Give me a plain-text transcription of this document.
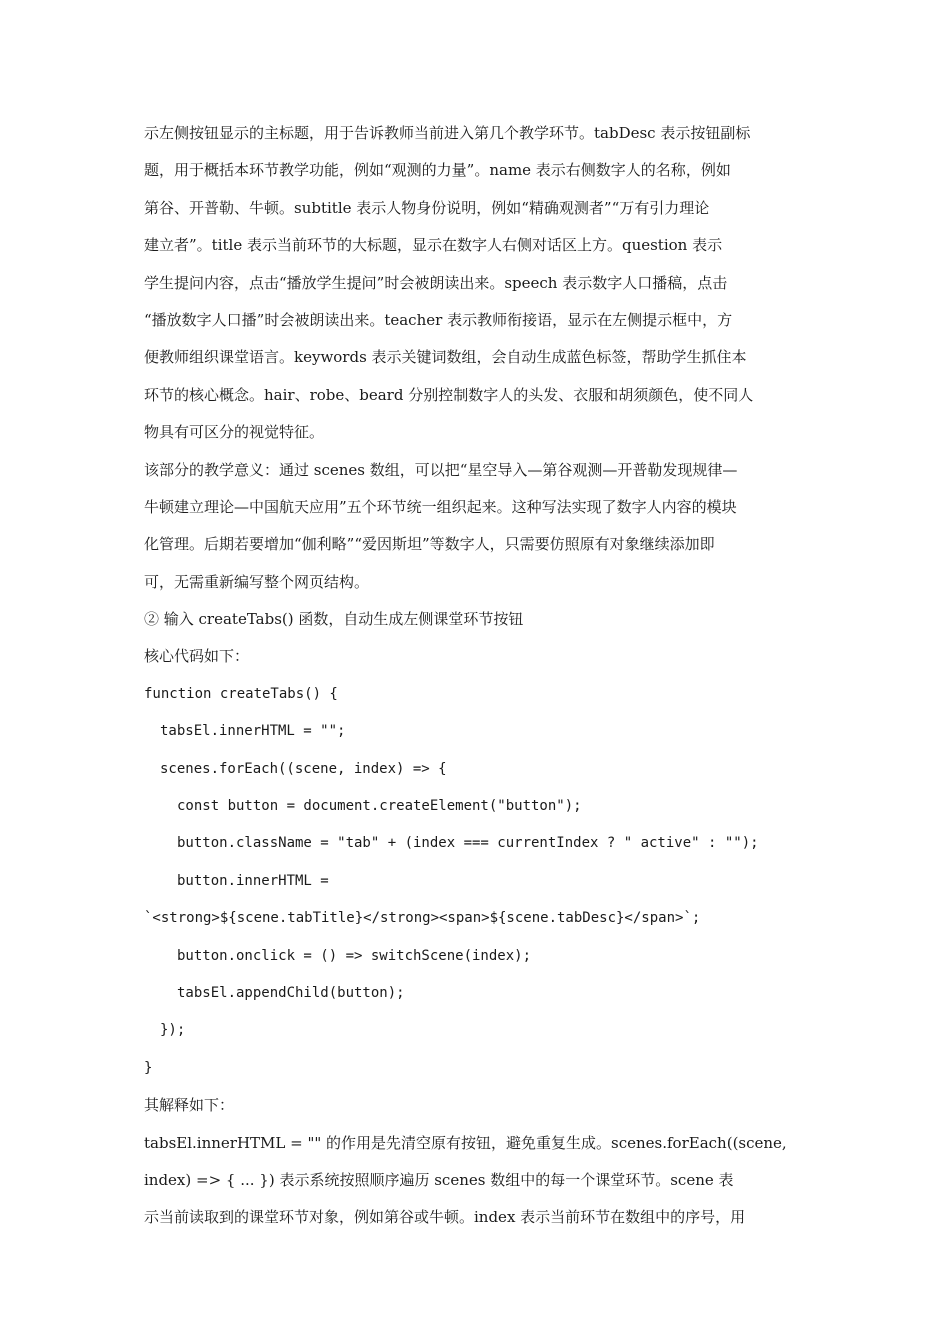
示左侧按钮显示的主标题，用于告诉教师当前进入第几个教学环节。tabDesc 表示按钮副标
题，用于概括本环节教学功能，例如“观测的力量”。name 表示右侧数字人的名称，例如
第谷、开普勒、牛顿。subtitle 表示人物身份说明，例如“精确观测者”“万有引力理论
建立者”。title 表示当前环节的大标题，显示在数字人右侧对话区上方。question 表示
学生提问内容，点击“播放学生提问”时会被朗读出来。speech 表示数字人口播稿，点击
“播放数字人口播”时会被朗读出来。teacher 表示教师衔接语，显示在左侧提示框中，方
便教师组织课堂语言。keywords 表示关键词数组，会自动生成蓝色标签，帮助学生抓住本
环节的核心概念。hair、robe、beard 分别控制数字人的头发、衣服和胡须颜色，使不同人
物具有可区分的视觉特征。
该部分的教学意义：通过 scenes 数组，可以把“星空导入—第谷观测—开普勒发现规律—
牛顿建立理论—中国航天应用”五个环节统一组织起来。这种写法实现了数字人内容的模块
化管理。后期若要增加“伽利略”“爱因斯坦”等数字人，只需要仿照原有对象继续添加即
可，无需重新编写整个网页结构。
② 输入 createTabs() 函数，自动生成左侧课堂环节按钮
核心代码如下：
function createTabs() {
tabsEl.innerHTML = "";
scenes.forEach((scene, index) => {
const button = document.createElement("button");
button.className = "tab" + (index === currentIndex ? " active" : "");
button.innerHTML =
`<strong>${scene.tabTitle}</strong><span>${scene.tabDesc}</span>`;
button.onclick = () => switchScene(index);
tabsEl.appendChild(button);
});
}
其解释如下：
tabsEl.innerHTML = "" 的作用是先清空原有按钮，避免重复生成。scenes.forEach((scene,
index) => { ... }) 表示系统按照顺序遍历 scenes 数组中的每一个课堂环节。scene 表
示当前读取到的课堂环节对象，例如第谷或牛顿。index 表示当前环节在数组中的序号，用
